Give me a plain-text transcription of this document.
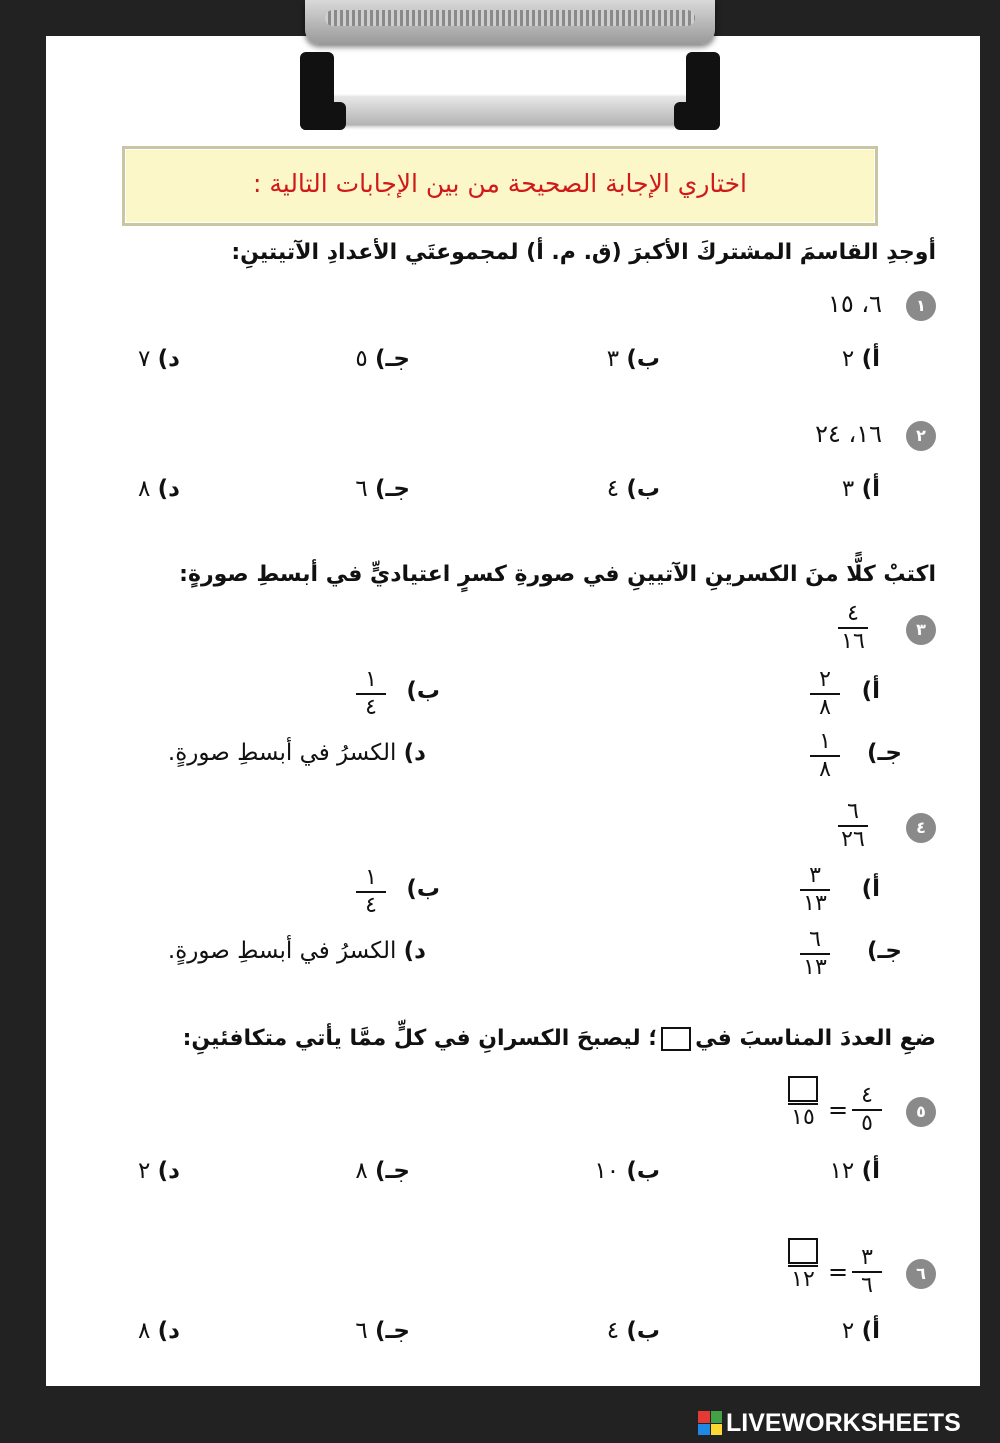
اختاري الإجابة الصحيحة من بين الإجابات التالية :
أوجدِ القاسمَ المشتركَ الأكبرَ (ق. م. أ) لمجموعتَي الأعدادِ الآتيتينِ:
١
٦، ١٥
أ) ٢
ب) ٣
جـ) ٥
د) ٧
٢
١٦، ٢٤
أ) ٣
ب) ٤
جـ) ٦
د) ٨
اكتبْ كلًّا منَ الكسرينِ الآتيينِ في صورةِ كسرٍ اعتياديٍّ في أبسطِ صورةٍ:
٣
٤
١٦
أ)
٢
٨
ب)
١
٤
جـ)
١
٨
د) الكسرُ في أبسطِ صورةٍ.
٤
٦
٢٦
أ)
٣
١٣
ب)
١
٤
جـ)
٦
١٣
د) الكسرُ في أبسطِ صورةٍ.
ضعِ العددَ المناسبَ في؛ ليصبحَ الكسرانِ في كلٍّ ممَّا يأتي متكافئينِ:
٥
٤
٥
=
١٥
أ) ١٢
ب) ١٠
جـ) ٨
د) ٢
٦
٣
٦
=
١٢
أ) ٢
ب) ٤
جـ) ٦
د) ٨
LIVEWORKSHEETS
